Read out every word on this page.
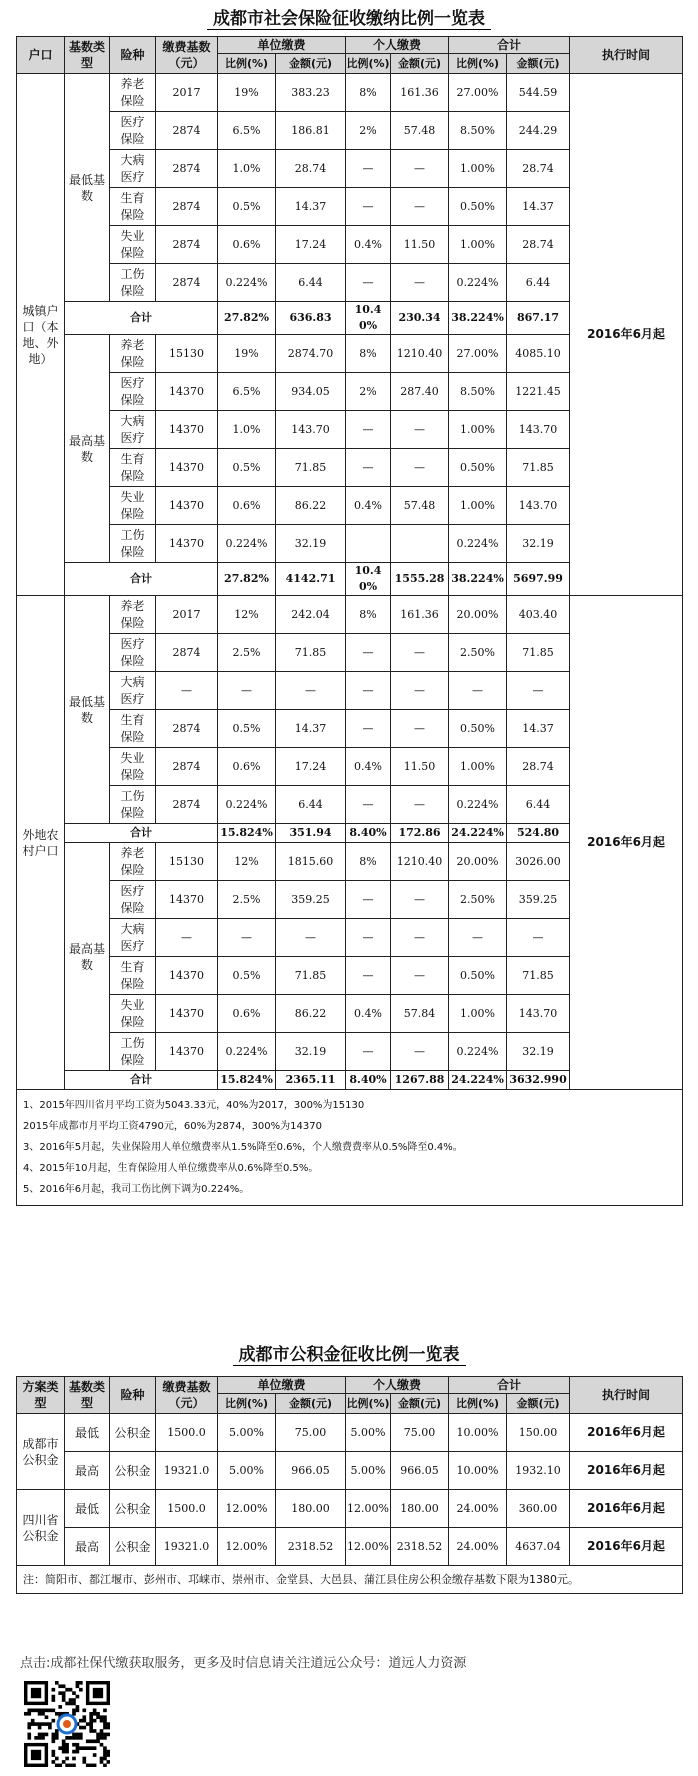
成都市社会保险征收缴纳比例一览表
户口	基数类型	险种	缴费基数（元）	单位缴费		个人缴费		合计		执行时间
				比例(%)	金额(元)	比例(%)	金额(元)	比例(%)	金额(元)	
城镇户口（本地、外地）	最低基数	养老保险	2017	19%	383.23	8%	161.36	27.00%	544.59	2016年6月起
		医疗保险	2874	6.5%	186.81	2%	57.48	8.50%	244.29	
		大病医疗	2874	1.0%	28.74	—	—	1.00%	28.74	
		生育保险	2874	0.5%	14.37	—	—	0.50%	14.37	
		失业保险	2874	0.6%	17.24	0.4%	11.50	1.00%	28.74	
		工伤保险	2874	0.224%	6.44	—	—	0.224%	6.44	
	合计			27.82%	636.83	10.40%	230.34	38.224%	867.17	
	最高基数	养老保险	15130	19%	2874.70	8%	1210.40	27.00%	4085.10	
		医疗保险	14370	6.5%	934.05	2%	287.40	8.50%	1221.45	
		大病医疗	14370	1.0%	143.70	—	—	1.00%	143.70	
		生育保险	14370	0.5%	71.85	—	—	0.50%	71.85	
		失业保险	14370	0.6%	86.22	0.4%	57.48	1.00%	143.70	
		工伤保险	14370	0.224%	32.19			0.224%	32.19	
	合计			27.82%	4142.71	10.40%	1555.28	38.224%	5697.99	
外地农村户口	最低基数	养老保险	2017	12%	242.04	8%	161.36	20.00%	403.40	2016年6月起
		医疗保险	2874	2.5%	71.85	—	—	2.50%	71.85	
		大病医疗	—	—	—	—	—	—	—	
		生育保险	2874	0.5%	14.37	—	—	0.50%	14.37	
		失业保险	2874	0.6%	17.24	0.4%	11.50	1.00%	28.74	
		工伤保险	2874	0.224%	6.44	—	—	0.224%	6.44	
	合计			15.824%	351.94	8.40%	172.86	24.224%	524.80	
	最高基数	养老保险	15130	12%	1815.60	8%	1210.40	20.00%	3026.00	
		医疗保险	14370	2.5%	359.25	—	—	2.50%	359.25	
		大病医疗	—	—	—	—	—	—	—	
		生育保险	14370	0.5%	71.85	—	—	0.50%	71.85	
		失业保险	14370	0.6%	86.22	0.4%	57.84	1.00%	143.70	
		工伤保险	14370	0.224%	32.19	—	—	0.224%	32.19	
	合计			15.824%	2365.11	8.40%	1267.88	24.224%	3632.990	

1、2015年四川省月平均工资为5043.33元，40%为2017，300%为15130
2015年成都市月平均工资4790元，60%为2874，300%为14370
3、2016年5月起，失业保险用人单位缴费率从1.5%降至0.6%，个人缴费费率从0.5%降至0.4%。
4、2015年10月起，生育保险用人单位缴费率从0.6%降至0.5%。
5、2016年6月起，我司工伤比例下调为0.224%。										
成都市公积金征收比例一览表
方案类型	基数类型	险种	缴费基数（元）	单位缴费		个人缴费		合计		执行时间
				比例(%)	金额(元)	比例(%)	金额(元)	比例(%)	金额(元)	
成都市公积金	最低	公积金	1500.0	5.00%	75.00	5.00%	75.00	10.00%	150.00	2016年6月起
	最高	公积金	19321.0	5.00%	966.05	5.00%	966.05	10.00%	1932.10	2016年6月起
四川省公积金	最低	公积金	1500.0	12.00%	180.00	12.00%	180.00	24.00%	360.00	2016年6月起
	最高	公积金	19321.0	12.00%	2318.52	12.00%	2318.52	24.00%	4637.04	2016年6月起
注：简阳市、都江堰市、彭州市、邛崃市、崇州市、金堂县、大邑县、蒲江县住房公积金缴存基数下限为1380元。										
点击:成都社保代缴获取服务，更多及时信息请关注道远公众号：道远人力资源
